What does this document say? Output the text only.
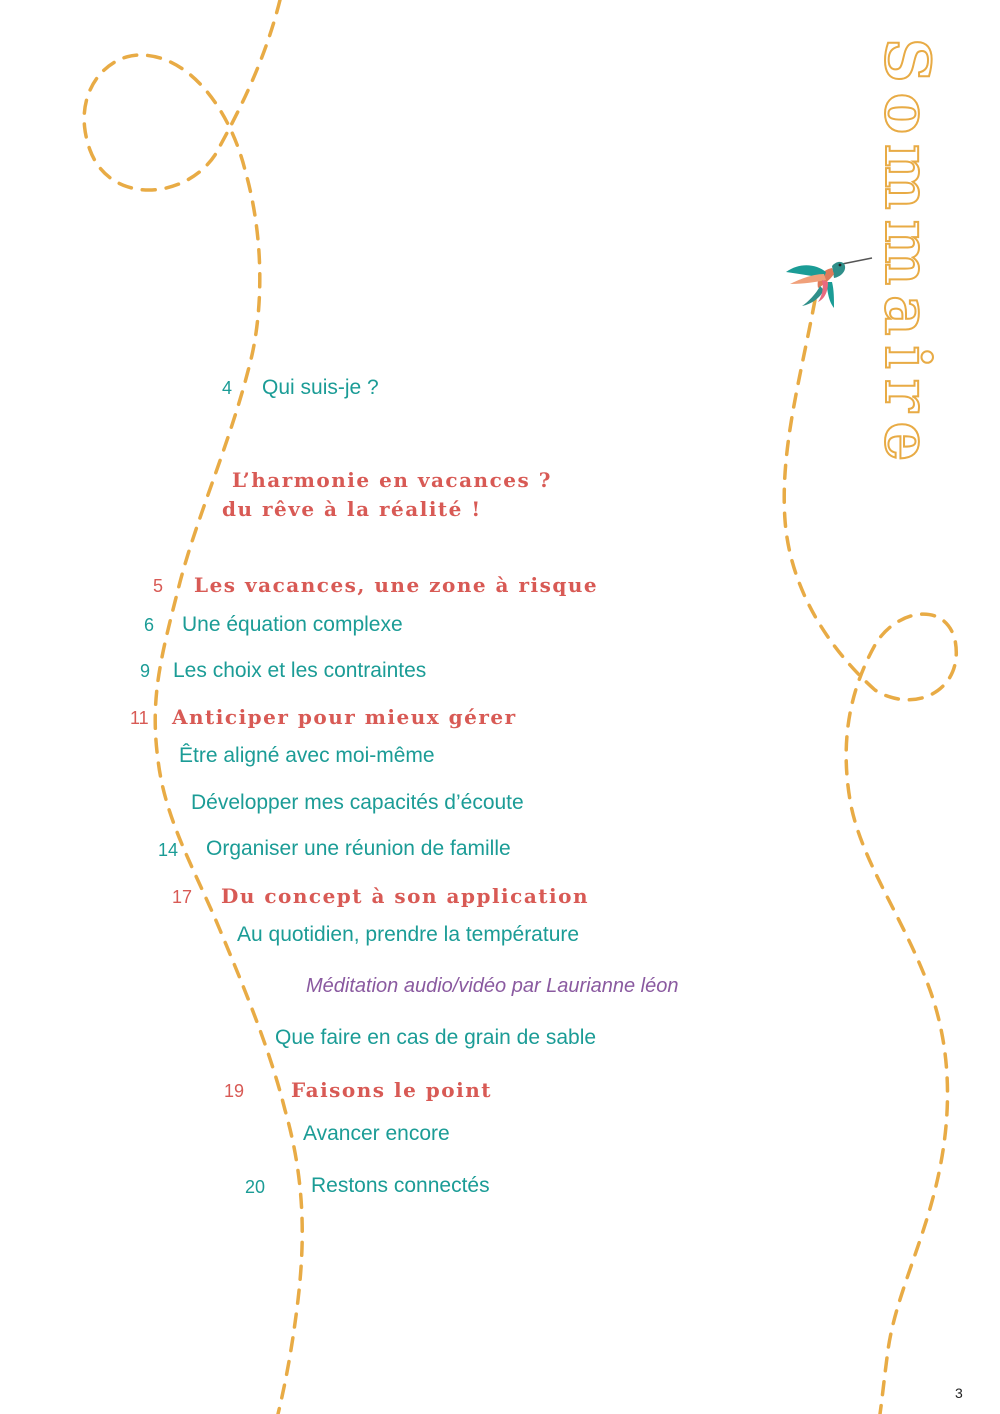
Sommaire
4 Qui suis-je ?
L’harmonie en vacances ?
du rêve à la réalité !
5 Les vacances, une zone à risque
6 Une équation complexe
9 Les choix et les contraintes
11 Anticiper pour mieux gérer
Être aligné avec moi-même
Développer mes capacités d’écoute
14 Organiser une réunion de famille
17 Du concept à son application
Au quotidien, prendre la température
Méditation audio/vidéo par Laurianne léon
Que faire en cas de grain de sable
19 Faisons le point
Avancer encore
20 Restons connectés
3
